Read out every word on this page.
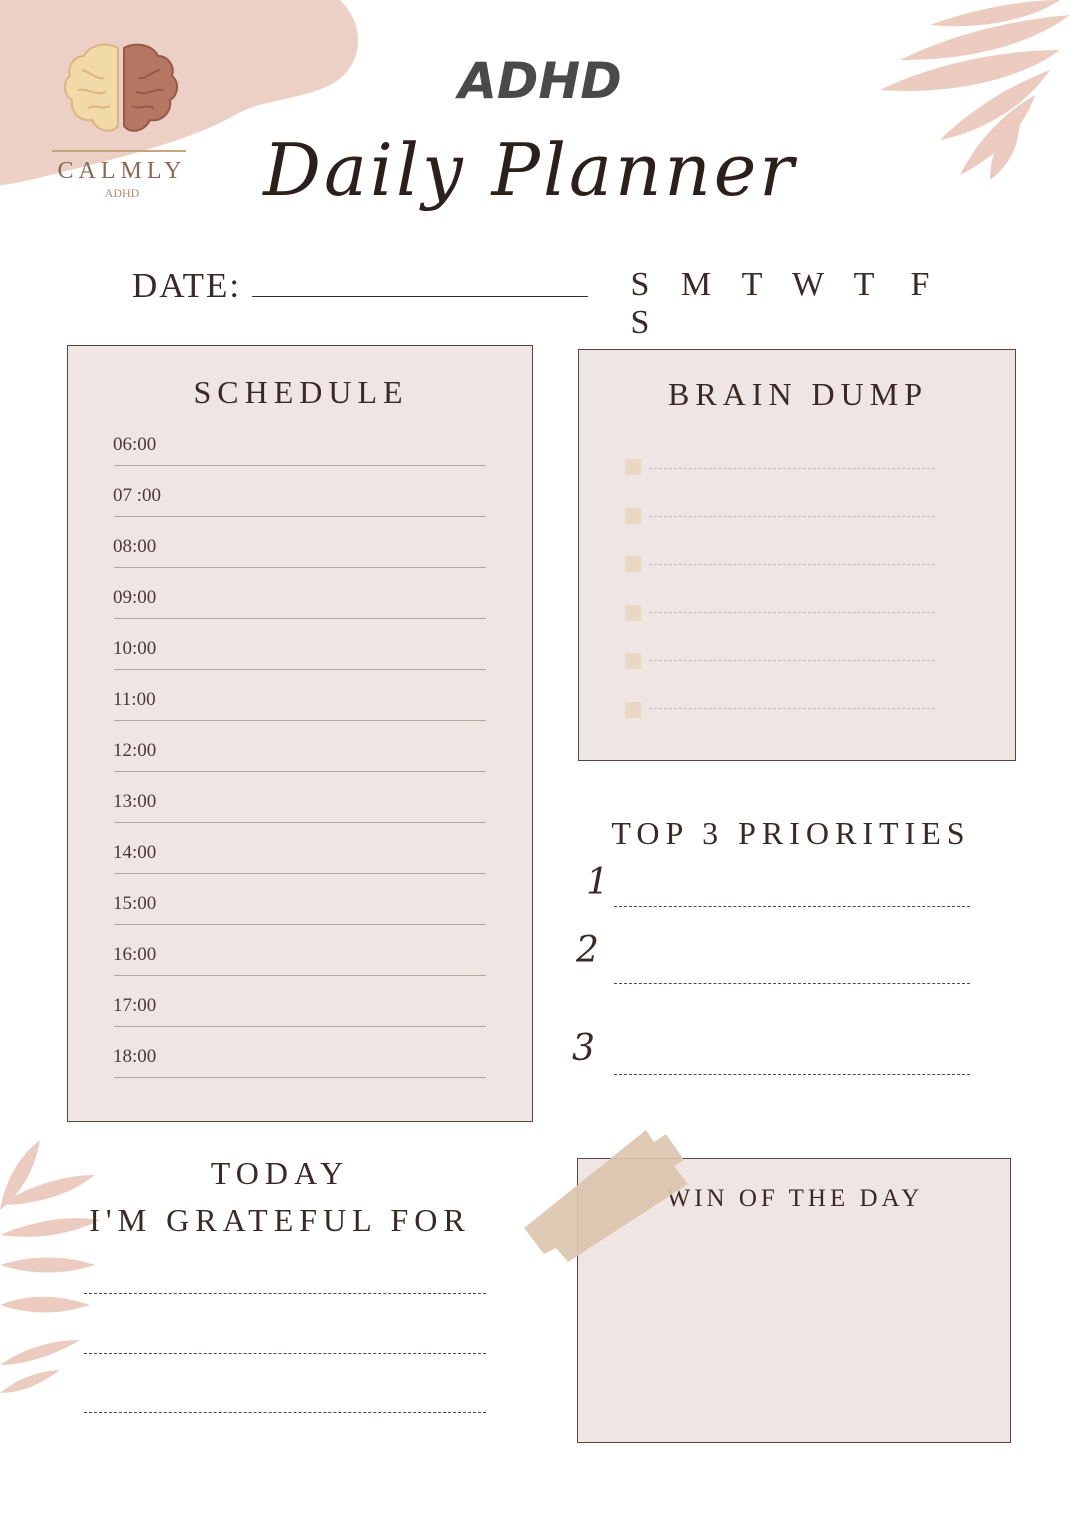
CALMLY
ADHD
ADHD
Daily Planner
DATE:	S M T W T FS
SCHEDULE
06:00
07 :00
08:00
09:00
10:00
11:00
12:00
13:00
14:00
15:00
16:00
17:00
18:00
BRAIN DUMP
TOP 3 PRIORITIES
1
2
3
TODAY
I'M GRATEFUL FOR
WIN OF THE DAY
